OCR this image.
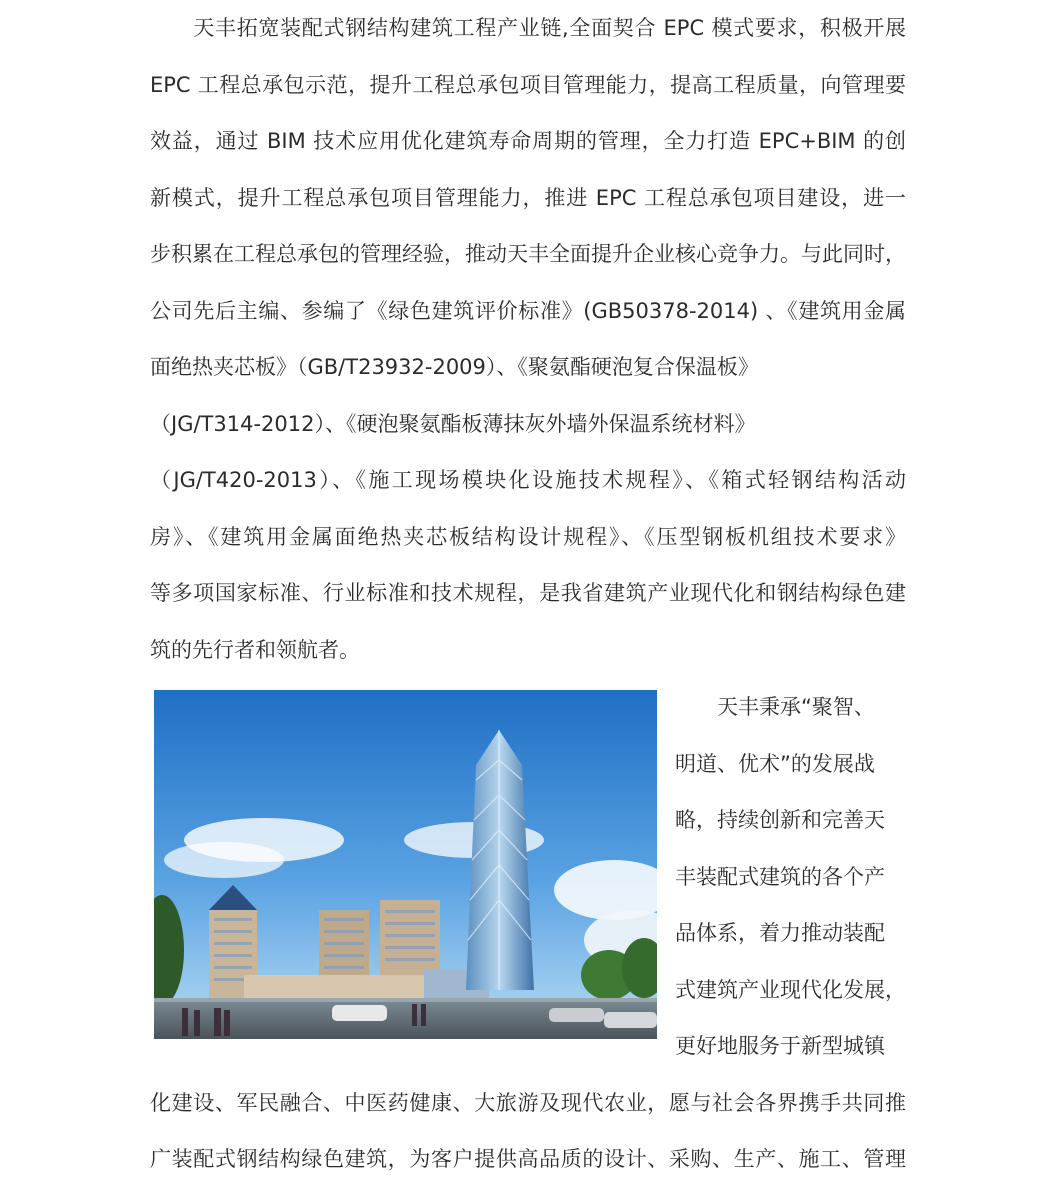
　　天丰拓宽装配式钢结构建筑工程产业链,全面契合 EPC 模式要求，积极开展
EPC 工程总承包示范，提升工程总承包项目管理能力，提高工程质量，向管理要
效益，通过 BIM 技术应用优化建筑寿命周期的管理，全力打造 EPC+BIM 的创
新模式，提升工程总承包项目管理能力，推进 EPC 工程总承包项目建设，进一
步积累在工程总承包的管理经验，推动天丰全面提升企业核心竞争力。与此同时，
公司先后主编、参编了《绿色建筑评价标准》(GB50378-2014) 、《建筑用金属
面绝热夹芯板》（GB/T23932-2009）、《聚氨酯硬泡复合保温板》
（JG/T314-2012）、《硬泡聚氨酯板薄抹灰外墙外保温系统材料》
（JG/T420-2013）、《施工现场模块化设施技术规程》、《箱式轻钢结构活动
房》、《建筑用金属面绝热夹芯板结构设计规程》、《压型钢板机组技术要求》
等多项国家标准、行业标准和技术规程，是我省建筑产业现代化和钢结构绿色建
筑的先行者和领航者。
　　天丰秉承“聚智、
明道、优术”的发展战
略，持续创新和完善天
丰装配式建筑的各个产
品体系，着力推动装配
式建筑产业现代化发展，
更好地服务于新型城镇
化建设、军民融合、中医药健康、大旅游及现代农业，愿与社会各界携手共同推
广装配式钢结构绿色建筑，为客户提供高品质的设计、采购、生产、施工、管理
